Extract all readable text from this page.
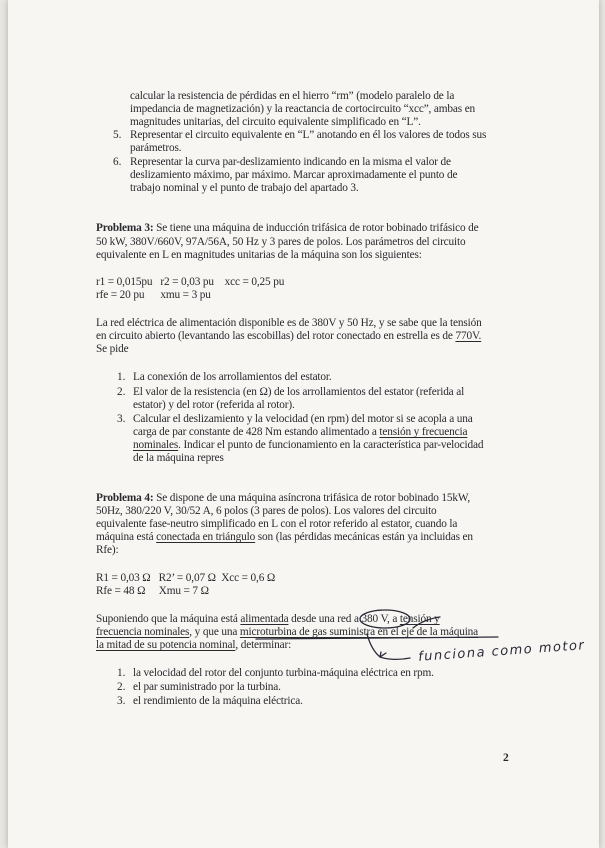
calcular la resistencia de pérdidas en el hierro “rm” (modelo paralelo de la
impedancia de magnetización) y la reactancia de cortocircuito “xcc”, ambas en
magnitudes unitarias, del circuito equivalente simplificado en “L”.
5. Representar el circuito equivalente en “L” anotando en él los valores de todos sus
parámetros.
6. Representar la curva par-deslizamiento indicando en la misma el valor de
deslizamiento máximo, par máximo. Marcar aproximadamente el punto de
trabajo nominal y el punto de trabajo del apartado 3.
Problema 3: Se tiene una máquina de inducción trifásica de rotor bobinado trifásico de
50 kW, 380V/660V, 97A/56A, 50 Hz y 3 pares de polos. Los parámetros del circuito
equivalente en L en magnitudes unitarias de la máquina son los siguientes:
r1 = 0,015pu   r2 = 0,03 pu    xcc = 0,25 pu
rfe = 20 pu      xmu = 3 pu
La red eléctrica de alimentación disponible es de 380V y 50 Hz, y se sabe que la tensión
en circuito abierto (levantando las escobillas) del rotor conectado en estrella es de 770V.
Se pide
1. La conexión de los arrollamientos del estator.
2. El valor de la resistencia (en Ω) de los arrollamientos del estator (referida al
estator) y del rotor (referida al rotor).
3. Calcular el deslizamiento y la velocidad (en rpm) del motor si se acopla a una
carga de par constante de 428 Nm estando alimentado a tensión y frecuencia
nominales. Indicar el punto de funcionamiento en la característica par-velocidad
de la máquina repres
Problema 4: Se dispone de una máquina asíncrona trifásica de rotor bobinado 15kW,
50Hz, 380/220 V, 30/52 A, 6 polos (3 pares de polos). Los valores del circuito
equivalente fase-neutro simplificado en L con el rotor referido al estator, cuando la
máquina está conectada en triángulo son (las pérdidas mecánicas están ya incluidas en
Rfe):
R1 = 0,03 Ω   R2’ = 0,07 Ω  Xcc = 0,6 Ω
Rfe = 48 Ω     Xmu = 7 Ω
Suponiendo que la máquina está alimentada desde una red a 380 V, a tensión y
frecuencia nominales, y que una microturbina de gas suministra en el eje de la máquina
la mitad de su potencia nominal, determinar:	funciona como motor
1. la velocidad del rotor del conjunto turbina-máquina eléctrica en rpm.
2. el par suministrado por la turbina.
3. el rendimiento de la máquina eléctrica.
2
